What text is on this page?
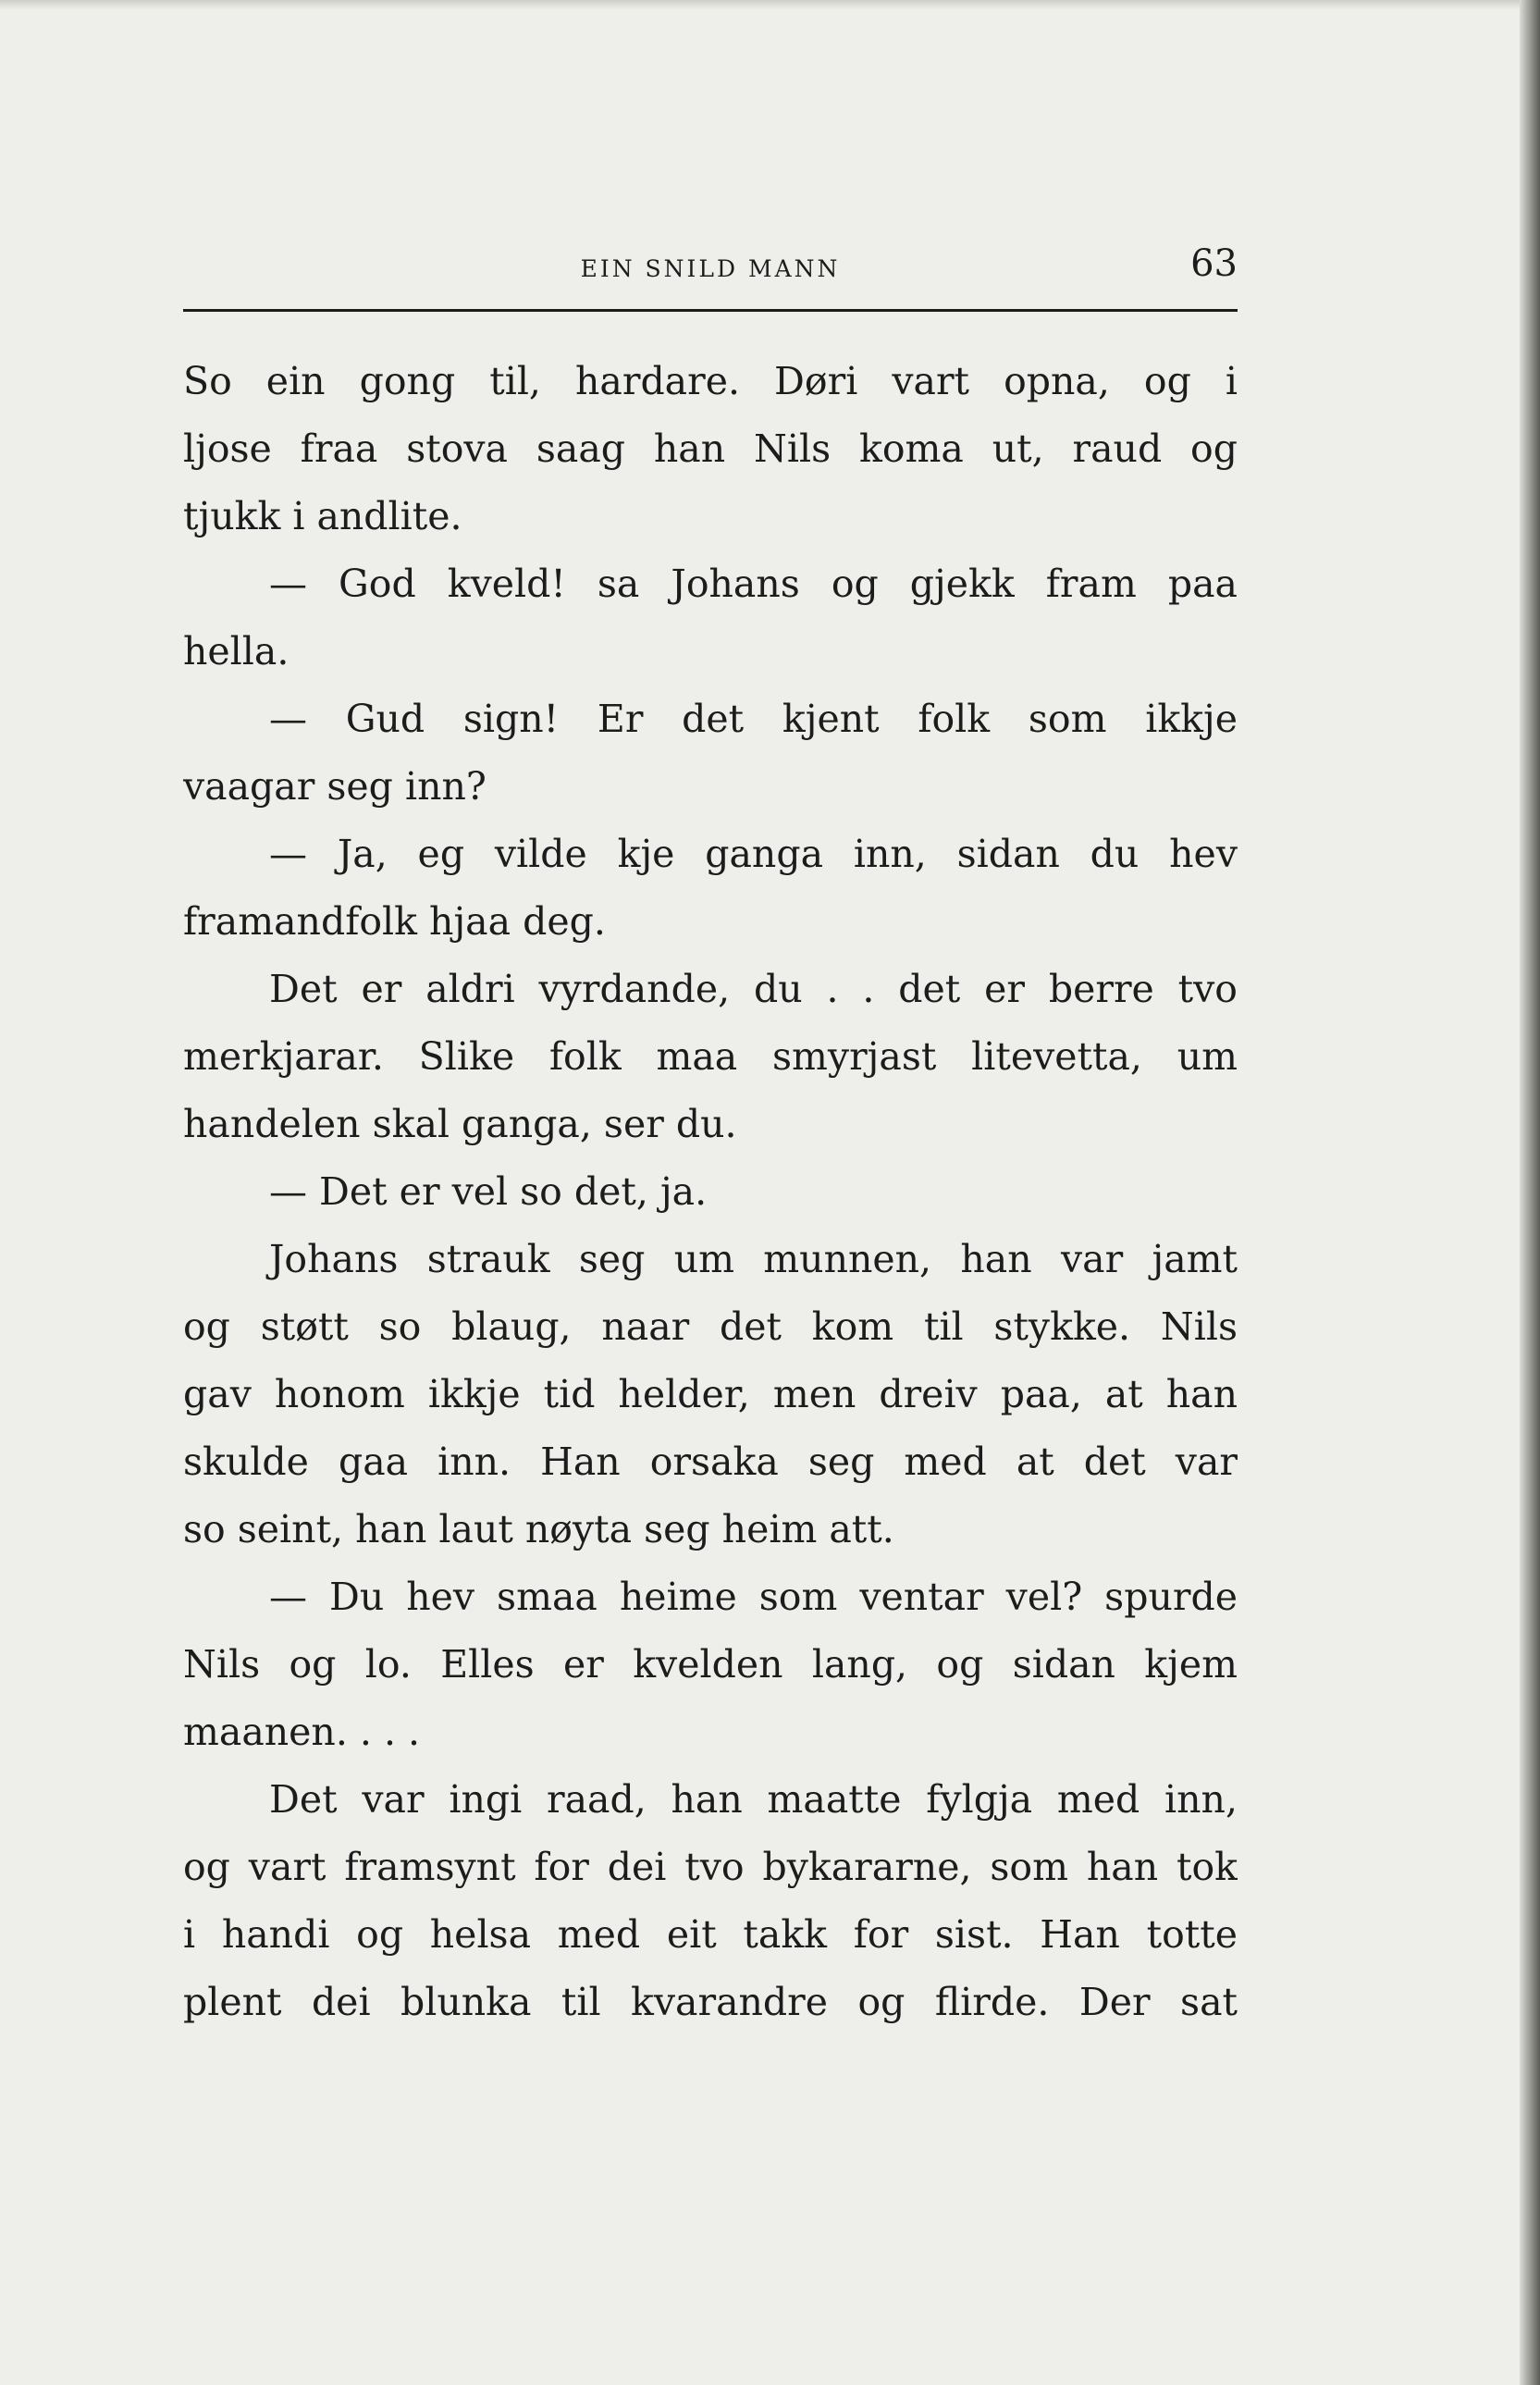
EIN SNILD MANN	63
So ein gong til, hardare. Døri vart opna, og i
ljose fraa stova saag han Nils koma ut, raud og
tjukk i andlite.
— God kveld! sa Johans og gjekk fram paa
hella.
— Gud sign! Er det kjent folk som ikkje
vaagar seg inn?
— Ja, eg vilde kje ganga inn, sidan du hev
framandfolk hjaa deg.
Det er aldri vyrdande, du . . det er berre tvo
merkjarar. Slike folk maa smyrjast litevetta, um
handelen skal ganga, ser du.
— Det er vel so det, ja.
Johans strauk seg um munnen, han var jamt
og støtt so blaug, naar det kom til stykke. Nils
gav honom ikkje tid helder, men dreiv paa, at han
skulde gaa inn. Han orsaka seg med at det var
so seint, han laut nøyta seg heim att.
— Du hev smaa heime som ventar vel? spurde
Nils og lo. Elles er kvelden lang, og sidan kjem
maanen. . . .
Det var ingi raad, han maatte fylgja med inn,
og vart framsynt for dei tvo bykararne, som han tok
i handi og helsa med eit takk for sist. Han totte
plent dei blunka til kvarandre og flirde. Der sat
